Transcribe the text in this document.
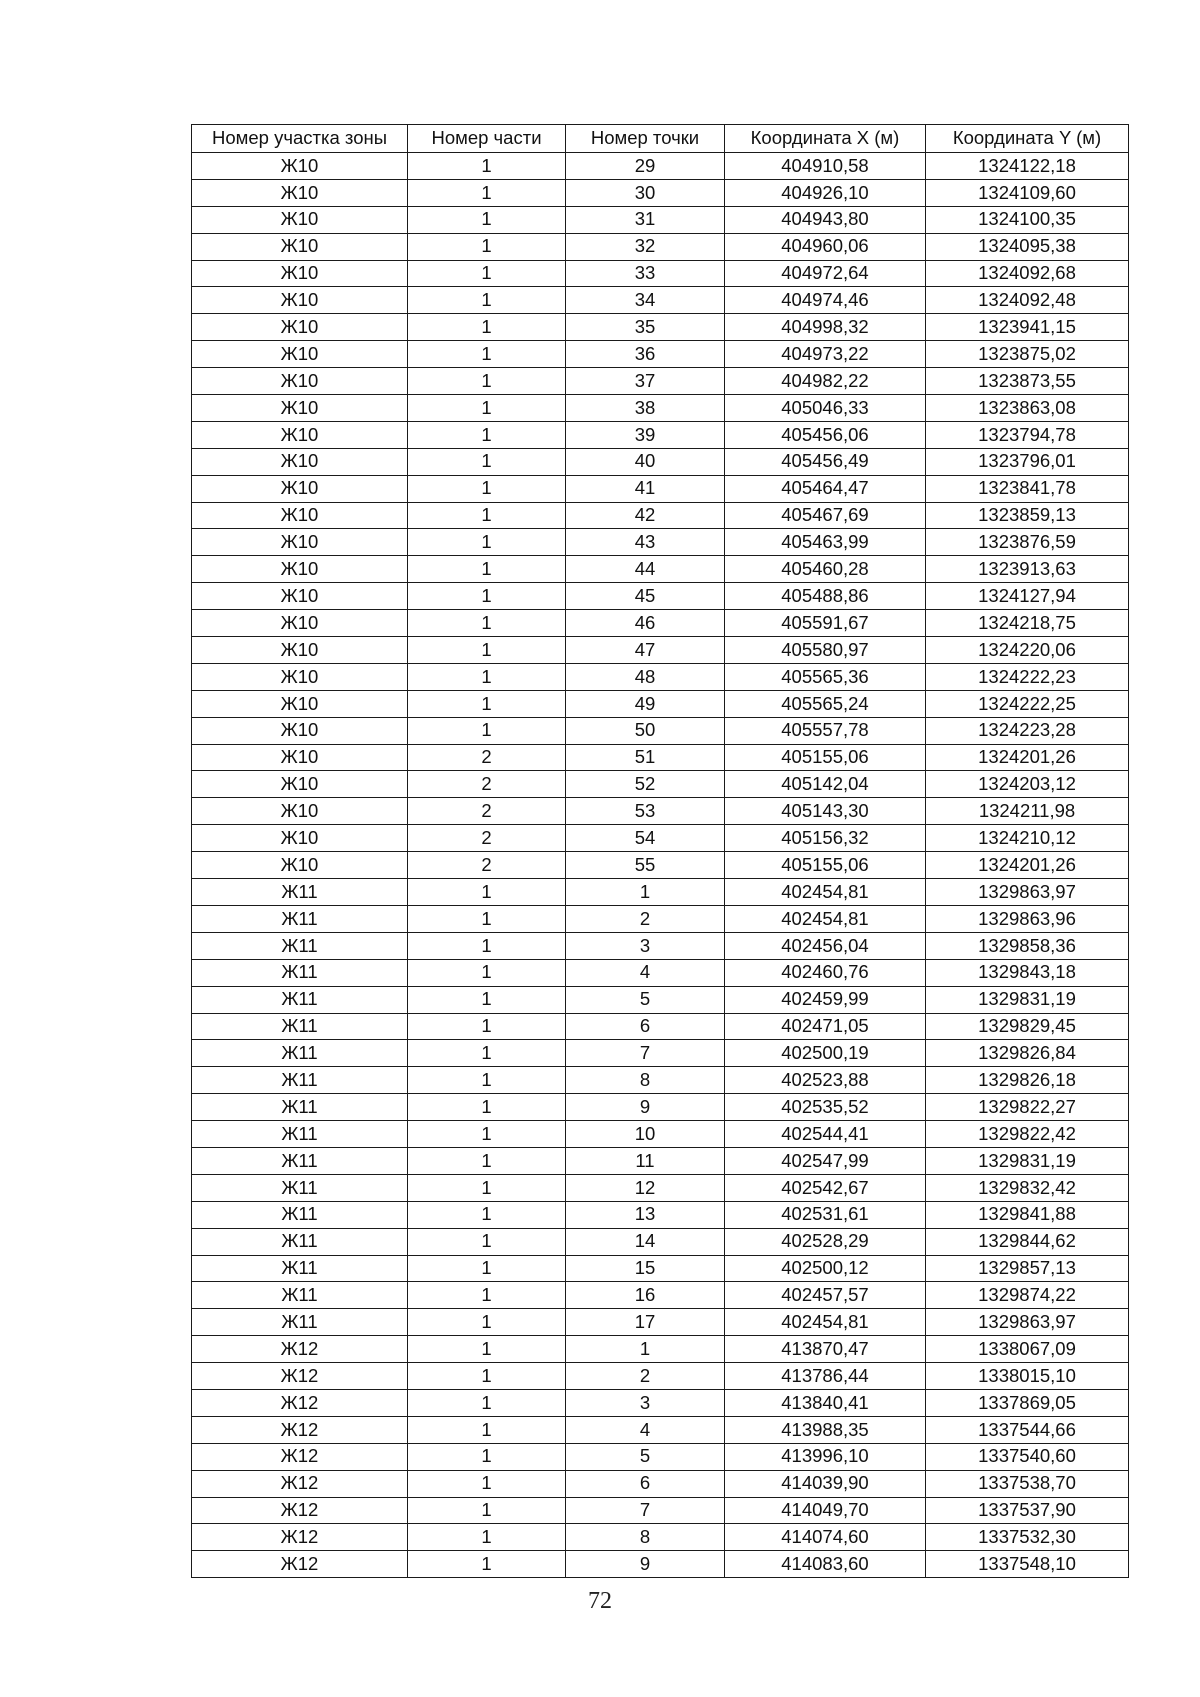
Номер участка зоны	Номер части	Номер точки	Координата X (м)	Координата Y (м)
Ж10	1	29	404910,58	1324122,18
Ж10	1	30	404926,10	1324109,60
Ж10	1	31	404943,80	1324100,35
Ж10	1	32	404960,06	1324095,38
Ж10	1	33	404972,64	1324092,68
Ж10	1	34	404974,46	1324092,48
Ж10	1	35	404998,32	1323941,15
Ж10	1	36	404973,22	1323875,02
Ж10	1	37	404982,22	1323873,55
Ж10	1	38	405046,33	1323863,08
Ж10	1	39	405456,06	1323794,78
Ж10	1	40	405456,49	1323796,01
Ж10	1	41	405464,47	1323841,78
Ж10	1	42	405467,69	1323859,13
Ж10	1	43	405463,99	1323876,59
Ж10	1	44	405460,28	1323913,63
Ж10	1	45	405488,86	1324127,94
Ж10	1	46	405591,67	1324218,75
Ж10	1	47	405580,97	1324220,06
Ж10	1	48	405565,36	1324222,23
Ж10	1	49	405565,24	1324222,25
Ж10	1	50	405557,78	1324223,28
Ж10	2	51	405155,06	1324201,26
Ж10	2	52	405142,04	1324203,12
Ж10	2	53	405143,30	1324211,98
Ж10	2	54	405156,32	1324210,12
Ж10	2	55	405155,06	1324201,26
Ж11	1	1	402454,81	1329863,97
Ж11	1	2	402454,81	1329863,96
Ж11	1	3	402456,04	1329858,36
Ж11	1	4	402460,76	1329843,18
Ж11	1	5	402459,99	1329831,19
Ж11	1	6	402471,05	1329829,45
Ж11	1	7	402500,19	1329826,84
Ж11	1	8	402523,88	1329826,18
Ж11	1	9	402535,52	1329822,27
Ж11	1	10	402544,41	1329822,42
Ж11	1	11	402547,99	1329831,19
Ж11	1	12	402542,67	1329832,42
Ж11	1	13	402531,61	1329841,88
Ж11	1	14	402528,29	1329844,62
Ж11	1	15	402500,12	1329857,13
Ж11	1	16	402457,57	1329874,22
Ж11	1	17	402454,81	1329863,97
Ж12	1	1	413870,47	1338067,09
Ж12	1	2	413786,44	1338015,10
Ж12	1	3	413840,41	1337869,05
Ж12	1	4	413988,35	1337544,66
Ж12	1	5	413996,10	1337540,60
Ж12	1	6	414039,90	1337538,70
Ж12	1	7	414049,70	1337537,90
Ж12	1	8	414074,60	1337532,30
Ж12	1	9	414083,60	1337548,10
72
